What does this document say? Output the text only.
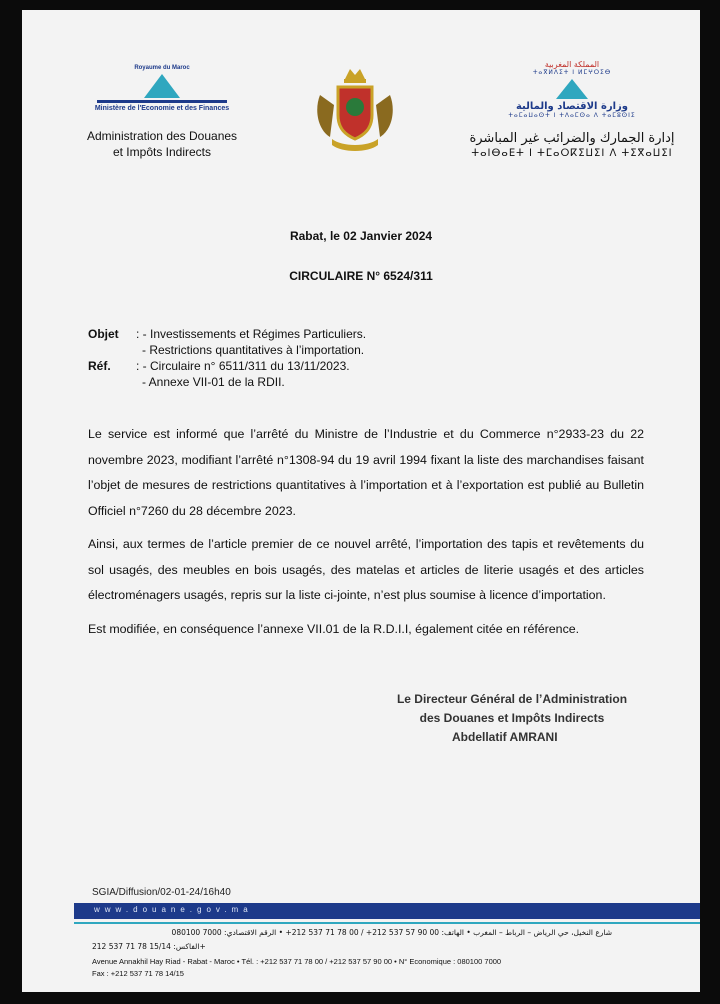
Royaume du Maroc
Ministère de l'Economie et des Finances
Administration des Douanes
et Impôts Indirects
المملكة المغربية
ⵜⴰⴳⵍⴷⵉⵜ ⵏ ⵍⵎⵖⵔⵉⴱ
وزارة الاقتصاد والمالية
ⵜⴰⵎⴰⵡⴰⵙⵜ ⵏ ⵜⴷⴰⵎⵙⴰ ⴷ ⵜⴰⵎⵓⵙⵏⵉ
إدارة الجمارك والضرائب غير المباشرة
ⵜⴰⵏⴱⴰⴹⵜ ⵏ ⵜⵎⴰⵔⴽⵉⵡⵉⵏ ⴷ ⵜⵉⴳⴰⵡⵉⵏ
Rabat, le 02 Janvier 2024
CIRCULAIRE N° 6524/311
Objet : - Investissements et Régimes Particuliers.
- Restrictions quantitatives à l’importation.
Réf. : - Circulaire n° 6511/311 du 13/11/2023.
- Annexe VII-01 de la RDII.

Le service est informé que l’arrêté du Ministre de l’Industrie et du Commerce n°2933-23 du 22 novembre 2023, modifiant l’arrêté n°1308-94 du 19 avril 1994 fixant la liste des marchandises faisant l’objet de mesures de restrictions quantitatives à l’importation et à l’exportation est publié au Bulletin Officiel n°7260 du 28 décembre 2023.

Ainsi, aux termes de l’article premier de ce nouvel arrêté, l’importation des tapis et revêtements du sol usagés, des meubles en bois usagés, des matelas et articles de literie usagés et des articles électroménagers usagés, repris sur la liste ci-jointe, n’est plus soumise à licence d’importation.

Est modifiée, en conséquence l’annexe VII.01 de la R.D.I.I, également citée en référence.

Le Directeur Général de l’Administration
des Douanes et Impôts Indirects
Abdellatif AMRANI
SGIA/Diffusion/02-01-24/16h40
www.douane.gov.ma
شارع النخيل، حي الرياض – الرباط – المغرب • الهاتف: 00 90 57 537 212+ / 00 78 71 537 212+ • الرقم الاقتصادي: 7000 080100
الفاكس: 15/14 78 71 537 212+
Avenue Annakhil Hay Riad - Rabat - Maroc • Tél. : +212 537 71 78 00 / +212 537 57 90 00 • N° Economique : 080100 7000
Fax : +212 537 71 78 14/15
